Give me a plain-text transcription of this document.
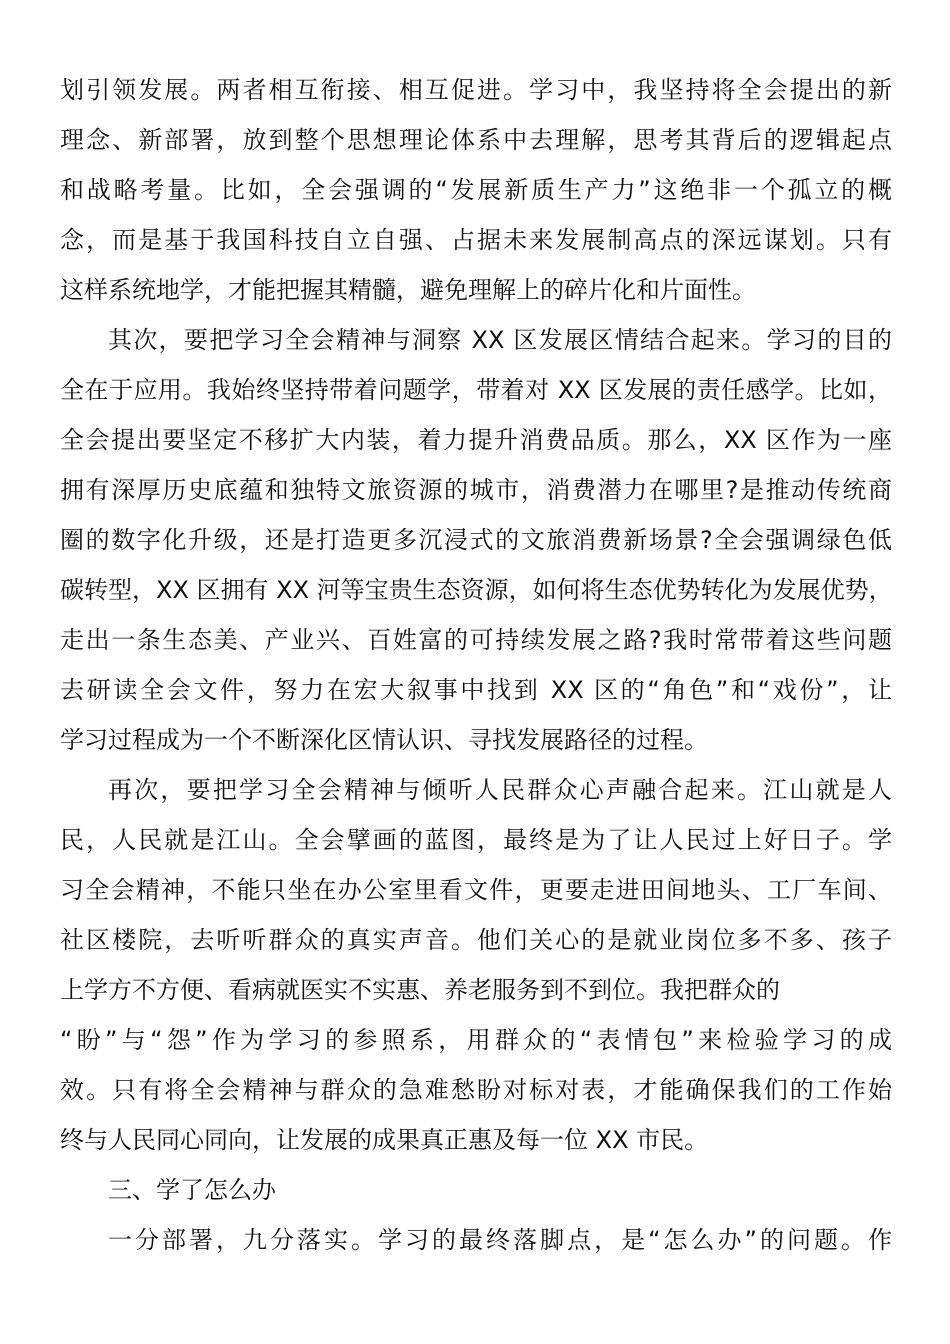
划引领发展。两者相互衔接、相互促进。学习中，我坚持将全会提出的新
理念、新部署，放到整个思想理论体系中去理解，思考其背后的逻辑起点
和战略考量。比如，全会强调的“发展新质生产力”这绝非一个孤立的概
念，而是基于我国科技自立自强、占据未来发展制高点的深远谋划。只有
这样系统地学，才能把握其精髓，避免理解上的碎片化和片面性。
其次，要把学习全会精神与洞察 XX 区发展区情结合起来。学习的目的
全在于应用。我始终坚持带着问题学，带着对 XX 区发展的责任感学。比如，
全会提出要坚定不移扩大内装，着力提升消费品质。那么，XX 区作为一座
拥有深厚历史底蕴和独特文旅资源的城市，消费潜力在哪里?是推动传统商
圈的数字化升级，还是打造更多沉浸式的文旅消费新场景?全会强调绿色低
碳转型，XX 区拥有 XX 河等宝贵生态资源，如何将生态优势转化为发展优势，
走出一条生态美、产业兴、百姓富的可持续发展之路?我时常带着这些问题
去研读全会文件，努力在宏大叙事中找到 XX 区的“角色”和“戏份”，让
学习过程成为一个不断深化区情认识、寻找发展路径的过程。
再次，要把学习全会精神与倾听人民群众心声融合起来。江山就是人
民，人民就是江山。全会擘画的蓝图，最终是为了让人民过上好日子。学
习全会精神，不能只坐在办公室里看文件，更要走进田间地头、工厂车间、
社区楼院，去听听群众的真实声音。他们关心的是就业岗位多不多、孩子
上学方不方便、看病就医实不实惠、养老服务到不到位。我把群众的
“盼”与“怨”作为学习的参照系，用群众的“表情包”来检验学习的成
效。只有将全会精神与群众的急难愁盼对标对表，才能确保我们的工作始
终与人民同心同向，让发展的成果真正惠及每一位 XX 市民。
三、学了怎么办
一分部署，九分落实。学习的最终落脚点，是“怎么办”的问题。作
